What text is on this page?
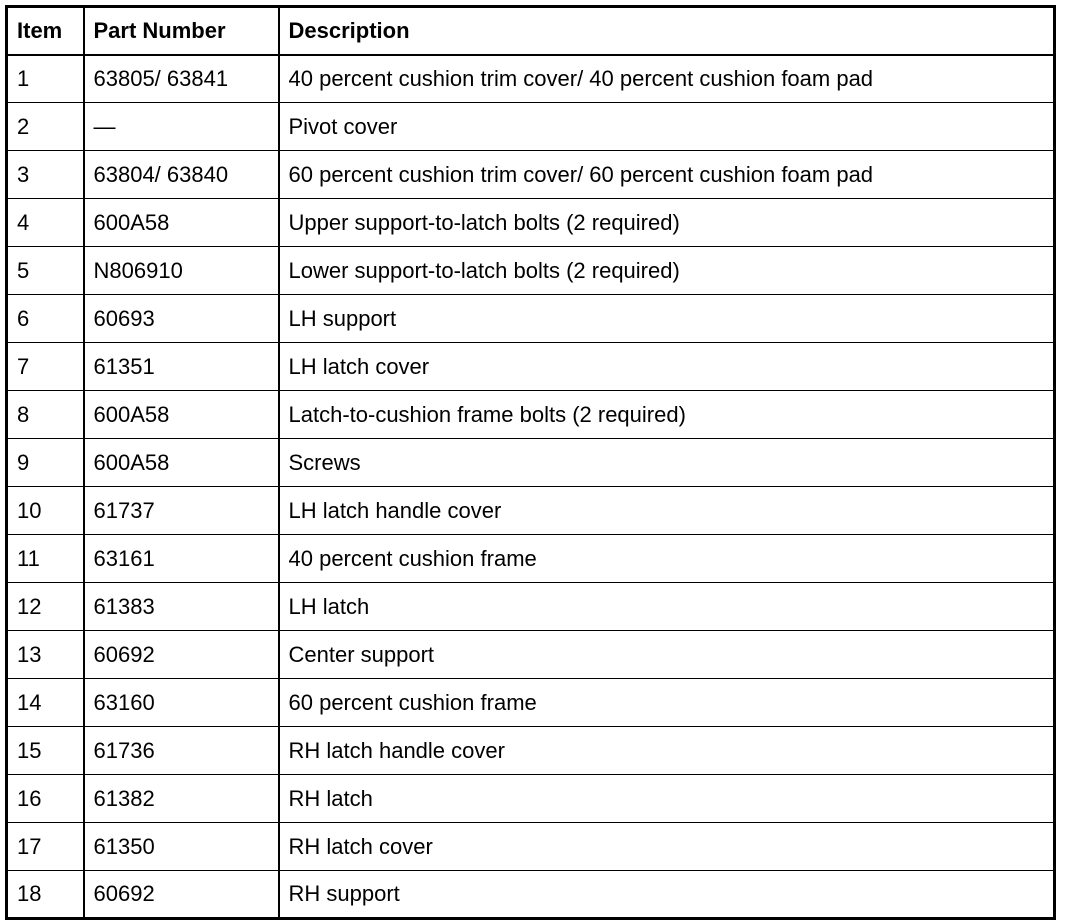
Item	Part Number	Description
1	63805/ 63841	40 percent cushion trim cover/ 40 percent cushion foam pad
2	—	Pivot cover
3	63804/ 63840	60 percent cushion trim cover/ 60 percent cushion foam pad
4	600A58	Upper support-to-latch bolts (2 required)
5	N806910	Lower support-to-latch bolts (2 required)
6	60693	LH support
7	61351	LH latch cover
8	600A58	Latch-to-cushion frame bolts (2 required)
9	600A58	Screws
10	61737	LH latch handle cover
11	63161	40 percent cushion frame
12	61383	LH latch
13	60692	Center support
14	63160	60 percent cushion frame
15	61736	RH latch handle cover
16	61382	RH latch
17	61350	RH latch cover
18	60692	RH support
